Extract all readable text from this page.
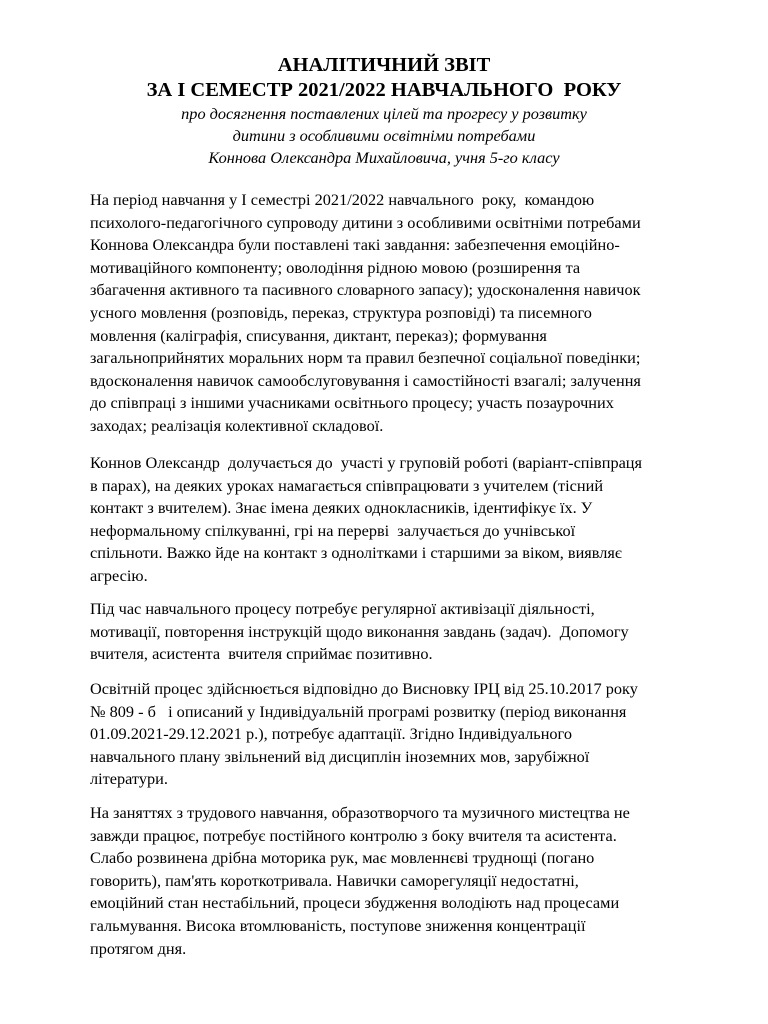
АНАЛІТИЧНИЙ ЗВІТ
ЗА І СЕМЕСТР 2021/2022 НАВЧАЛЬНОГО  РОКУ

про досягнення поставлених цілей та прогресу у розвитку

дитини з особливими освітніми потребами

Коннова Олександра Михайловича, учня 5-го класу

На період навчання у І семестрі 2021/2022 навчального  року,  командою
психолого-педагогічного супроводу дитини з особливими освітніми потребами
Коннова Олександра були поставлені такі завдання: забезпечення емоційно-
мотиваційного компоненту; оволодіння рідною мовою (розширення та
збагачення активного та пасивного словарного запасу); удосконалення навичок
усного мовлення (розповідь, переказ, структура розповіді) та писемного
мовлення (каліграфія, списування, диктант, переказ); формування
загальноприйнятих моральних норм та правил безпечної соціальної поведінки;
вдосконалення навичок самообслуговування і самостійності взагалі; залучення
до співпраці з іншими учасниками освітнього процесу; участь позаурочних
заходах; реалізація колективної складової.

Коннов Олександр  долучається до  участі у груповій роботі (варіант-співпраця
в парах), на деяких уроках намагається співпрацювати з учителем (тісний
контакт з вчителем). Знає імена деяких однокласників, ідентифікує їх. У
неформальному спілкуванні, грі на перерві  залучається до учнівської
спільноти. Важко йде на контакт з однолітками і старшими за віком, виявляє
агресію.

Під час навчального процесу потребує регулярної активізації діяльності,
мотивації, повторення інструкцій щодо виконання завдань (задач).  Допомогу
вчителя, асистента  вчителя сприймає позитивно.

Освітній процес здійснюється відповідно до Висновку ІРЦ від 25.10.2017 року
№ 809 - б   і описаний у Індивідуальній програмі розвитку (період виконання
01.09.2021-29.12.2021 р.), потребує адаптації. Згідно Індивідуального
навчального плану звільнений від дисциплін іноземних мов, зарубіжної
літератури.

На заняттях з трудового навчання, образотворчого та музичного мистецтва не
завжди працює, потребує постійного контролю з боку вчителя та асистента.
Слабо розвинена дрібна моторика рук, має мовленнєві труднощі (погано
говорить), пам'ять короткотривала. Навички саморегуляції недостатні,
емоційний стан нестабільний, процеси збудження володіють над процесами
гальмування. Висока втомлюваність, поступове зниження концентрації
протягом дня.
